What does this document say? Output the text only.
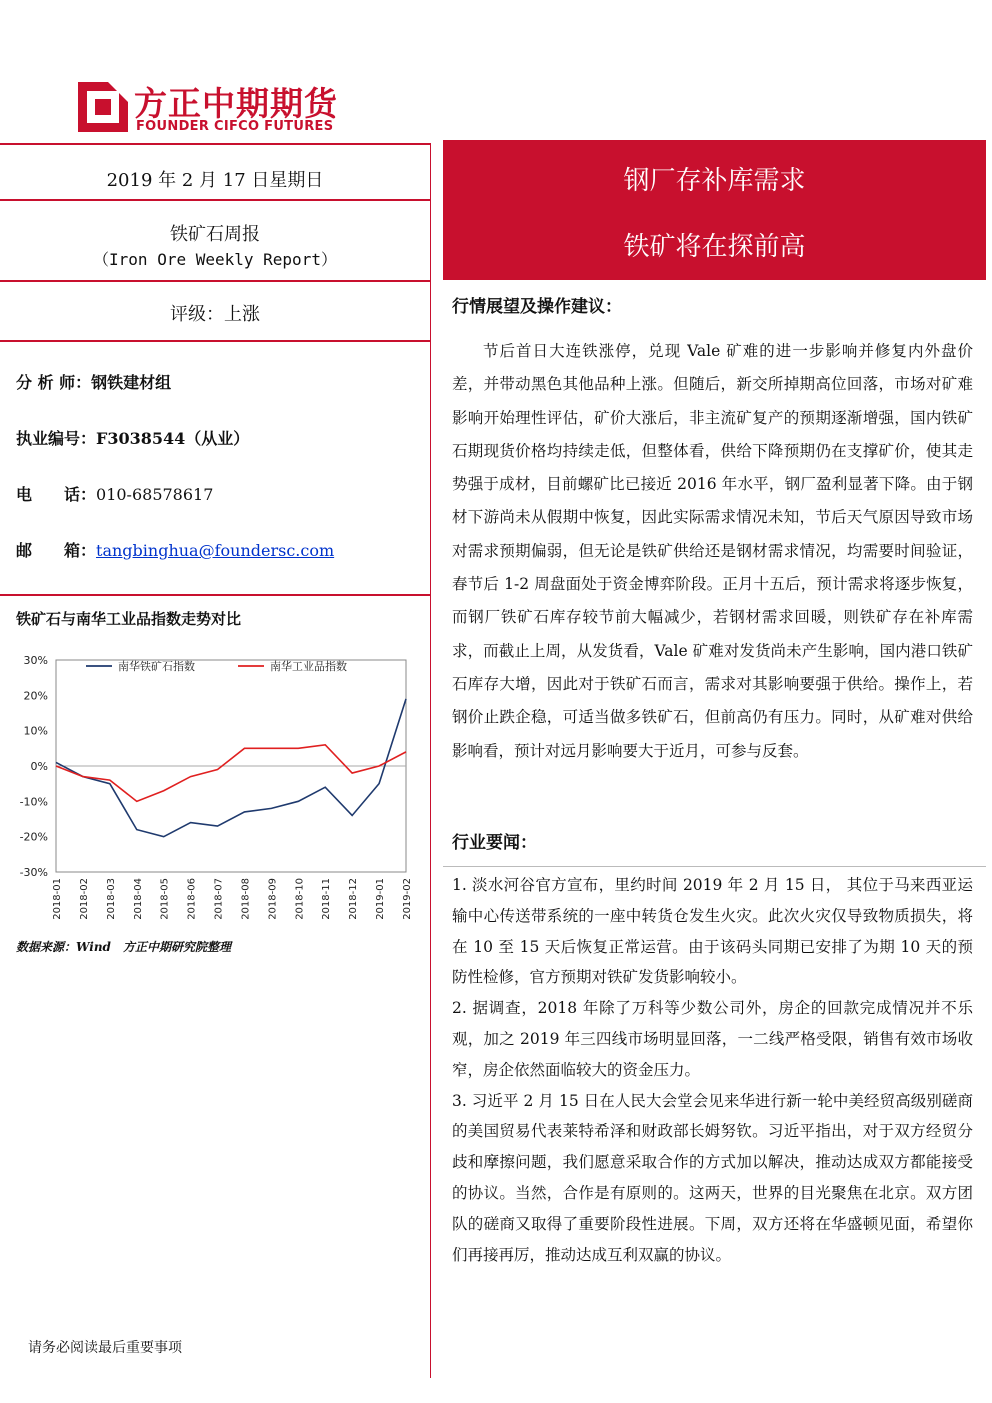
方正中期期货
FOUNDER CIFCO FUTURES
2019 年 2 月 17 日星期日
铁矿石周报
（Iron Ore Weekly Report）
评级：上涨
分 析 师：钢铁建材组
执业编号：F3038544（从业）
电　　话：010-68578617
邮　　箱：tangbinghua@foundersc.com
铁矿石与南华工业品指数走势对比
30%
20%
10%
0%
-10%
-20%
-30%
2018-01 2018-02 2018-03 2018-04 2018-05 2018-06 2018-07 2018-08 2018-09 2018-10 2018-11 2018-12 2019-01 2019-02
南华铁矿石指数	南华工业品指数
数据来源：Wind　方正中期研究院整理
请务必阅读最后重要事项
钢厂存补库需求
铁矿将在探前高
行情展望及操作建议：
节后首日大连铁涨停，兑现 Vale 矿难的进一步影响并修复内外盘价差，并带动黑色其他品种上涨。但随后，新交所掉期高位回落，市场对矿难影响开始理性评估，矿价大涨后，非主流矿复产的预期逐渐增强，国内铁矿石期现货价格均持续走低，但整体看，供给下降预期仍在支撑矿价，使其走势强于成材，目前螺矿比已接近 2016 年水平，钢厂盈利显著下降。由于钢材下游尚未从假期中恢复，因此实际需求情况未知，节后天气原因导致市场对需求预期偏弱，但无论是铁矿供给还是钢材需求情况，均需要时间验证，春节后 1-2 周盘面处于资金博弈阶段。正月十五后，预计需求将逐步恢复，而钢厂铁矿石库存较节前大幅减少，若钢材需求回暖，则铁矿存在补库需求，而截止上周，从发货看，Vale 矿难对发货尚未产生影响，国内港口铁矿石库存大增，因此对于铁矿石而言，需求对其影响要强于供给。操作上，若钢价止跌企稳，可适当做多铁矿石，但前高仍有压力。同时，从矿难对供给影响看，预计对远月影响要大于近月，可参与反套。
行业要闻：

1. 淡水河谷官方宣布，里约时间 2019 年 2 月 15 日， 其位于马来西亚运输中心传送带系统的一座中转货仓发生火灾。此次火灾仅导致物质损失，将在 10 至 15 天后恢复正常运营。由于该码头同期已安排了为期 10 天的预防性检修，官方预期对铁矿发货影响较小。

2. 据调查，2018 年除了万科等少数公司外，房企的回款完成情况并不乐观，加之 2019 年三四线市场明显回落，一二线严格受限，销售有效市场收窄，房企依然面临较大的资金压力。

3. 习近平 2 月 15 日在人民大会堂会见来华进行新一轮中美经贸高级别磋商的美国贸易代表莱特希泽和财政部长姆努钦。习近平指出，对于双方经贸分歧和摩擦问题，我们愿意采取合作的方式加以解决，推动达成双方都能接受的协议。当然，合作是有原则的。这两天，世界的目光聚焦在北京。双方团队的磋商又取得了重要阶段性进展。下周，双方还将在华盛顿见面，希望你们再接再厉，推动达成互利双赢的协议。
